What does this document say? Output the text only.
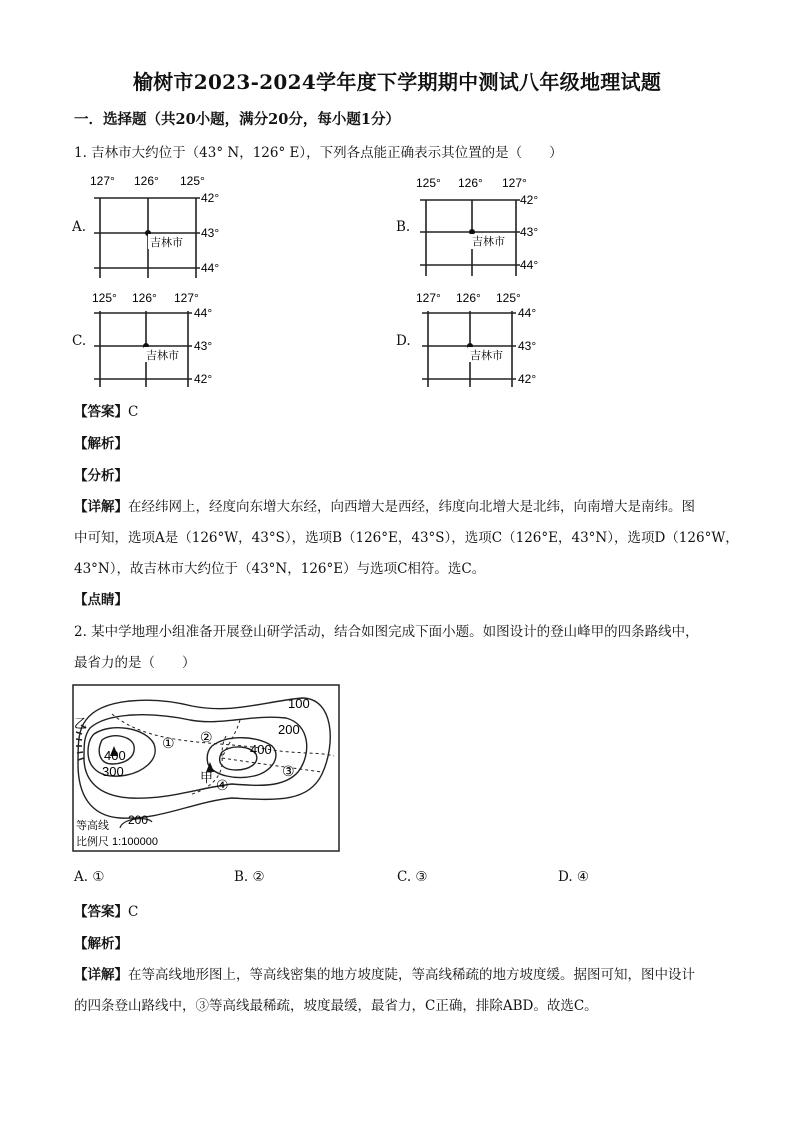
榆树市2023-2024学年度下学期期中测试八年级地理试题
一．选择题（共20小题，满分20分，每小题1分）
1. 吉林市大约位于（43° N，126° E），下列各点能正确表示其位置的是（　　）
A.
127° 126° 125°
42°
43°
44°
吉林市
B.
125° 126° 127°
42°
43°
44°
吉林市
C.
125° 126° 127°
44°
43°
42°
吉林市
D.
127° 126° 125°
44°
43°
42°
吉林市
【答案】C
【解析】
【分析】
【详解】在经纬网上，经度向东增大东经，向西增大是西经，纬度向北增大是北纬，向南增大是南纬。图
中可知，选项A是（126°W，43°S），选项B（126°E，43°S），选项C（126°E，43°N），选项D（126°W，
43°N），故吉林市大约位于（43°N，126°E）与选项C相符。选C。
【点睛】
2. 某中学地理小组准备开展登山研学活动，结合如图完成下面小题。如图设计的登山峰甲的四条路线中，
最省力的是（　　）
100
200
400
400
300
乙
甲
① ②
③
④
等高线 200
比例尺 1:100000
A. ①	B. ②	C. ③	D. ④
【答案】C
【解析】
【详解】在等高线地形图上，等高线密集的地方坡度陡，等高线稀疏的地方坡度缓。据图可知，图中设计
的四条登山路线中，③等高线最稀疏，坡度最缓，最省力，C正确，排除ABD。故选C。
